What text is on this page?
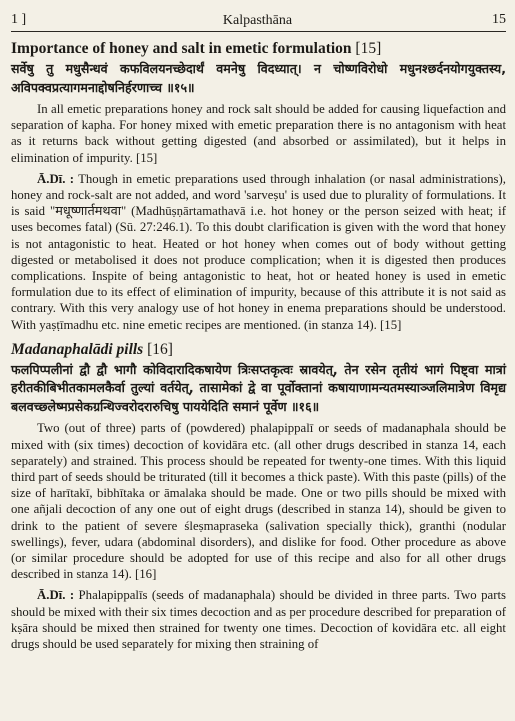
1 ]	Kalpasthāna	15
Importance of honey and salt in emetic formulation [15]
सर्वेषु तु मधुसैन्धवं कफविलयनच्छेदार्थं वमनेषु विदध्यात्। न चोष्णविरोधो मधुनश्छर्दनयोगयुक्तस्य, अविपक्वप्रत्यागमनाद्दोषनिर्हरणाच्च ॥१५॥

In all emetic preparations honey and rock salt should be added for causing liquefaction and separation of kapha. For honey mixed with emetic preparation there is no antagonism with heat as it returns back without getting digested (and absorbed or assimilated), but it helps in elimination of impurity. [15]

Ā.Dī. : Though in emetic preparations used through inhalation (or nasal administrations), honey and rock-salt are not added, and word 'sarveṣu' is used due to plurality of formulations. It is said "मधूष्णार्तमथवा" (Madhūṣṇārtamathavā i.e. hot honey or the person seized with heat; if uses becomes fatal) (Sū. 27:246.1). To this doubt clarification is given with the word that honey is not antagonistic to heat. Heated or hot honey when comes out of body without getting digested or metabolised it does not produce complication; when it is digested then produces complications. Inspite of being antagonistic to heat, hot or heated honey is used in emetic formulation due to its effect of elimination of impurity, because of this attribute it is not said as contrary. With this very analogy use of hot honey in enema preparations should be understood. With yaṣṭīmadhu etc. nine emetic recipes are mentioned. (in stanza 14). [15]

Madanaphalādi pills [16]
फलपिप्पलीनां द्वौ द्वौ भागौ कोविदारादिकषायेण त्रिःसप्तकृत्वः स्रावयेत्, तेन रसेन तृतीयं भागं पिष्ट्वा मात्रां हरीतकीबिभीतकामलकैर्वा तुल्यां वर्तयेत्, तासामेकां द्वे वा पूर्वोक्तानां कषायाणामन्यतमस्याञ्जलिमात्रेण विमृद्य बलवच्छ्लेष्मप्रसेकग्रन्थिज्वरोदरारुचिषु पाययेदिति समानं पूर्वेण ॥१६॥

Two (out of three) parts of (powdered) phalapippalī or seeds of madanaphala should be mixed with (six times) decoction of kovidāra etc. (all other drugs described in stanza 14, each separately) and strained. This process should be repeated for twenty-one times. With this liquid third part of seeds should be triturated (till it becomes a thick paste). With this paste (pills) of the size of harītakī, bibhītaka or āmalaka should be made. One or two pills should be mixed with one añjali decoction of any one out of eight drugs (described in stanza 14), should be given to drink to the patient of severe śleṣmaprasekа (salivation specially thick), granthi (nodular swellings), fever, udara (abdominal disorders), and dislike for food. Other procedure as above (or similar procedure should be adopted for use of this recipe and also for all other drugs described in stanza 14). [16]

Ā.Dī. : Phalapippalīs (seeds of madanaphala) should be divided in three parts. Two parts should be mixed with their six times decoction and as per procedure described for preparation of kṣāra should be mixed then strained for twenty one times. Decoction of kovidāra etc. all eight drugs should be used separately for mixing then straining of
